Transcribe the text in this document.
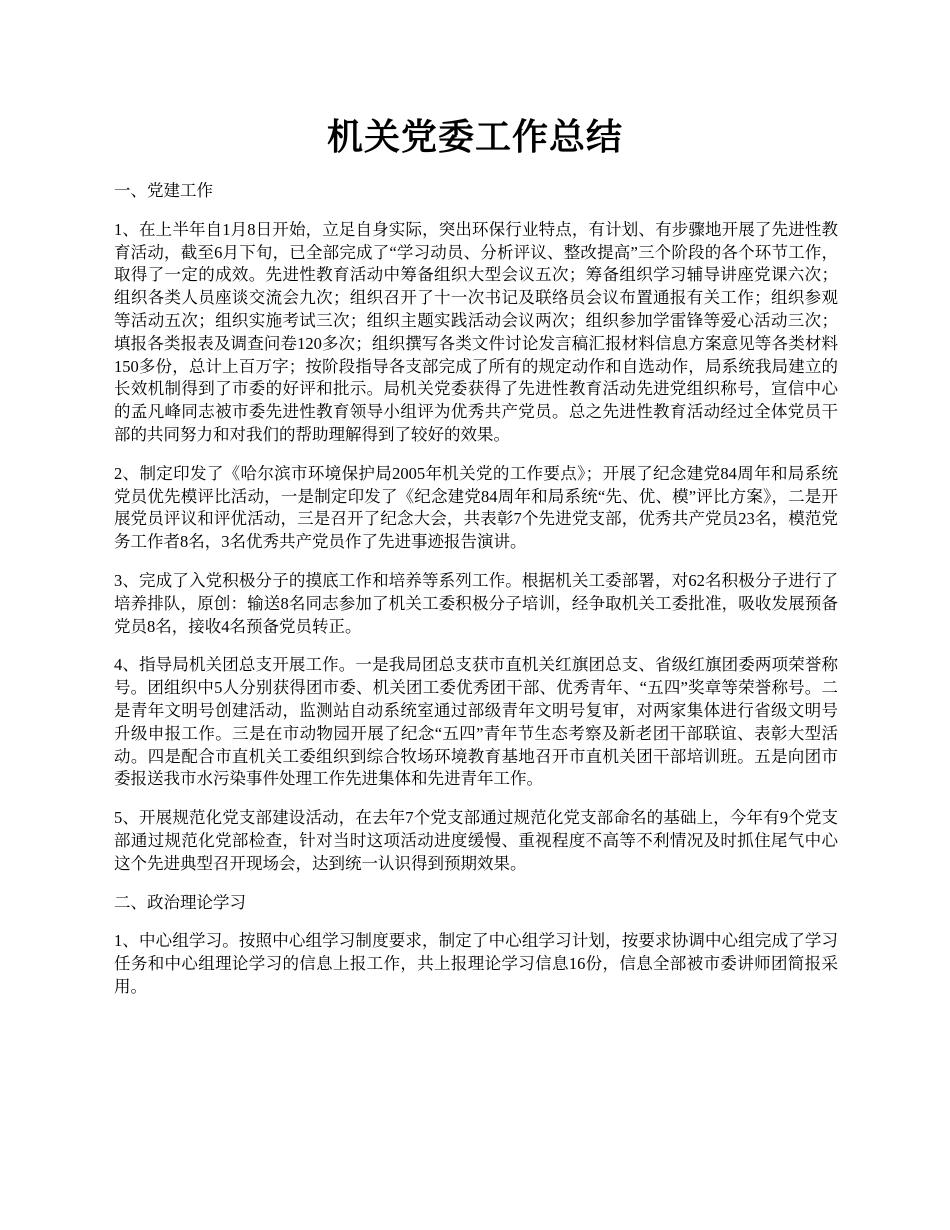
机关党委工作总结

一、党建工作

1、在上半年自1月8日开始，立足自身实际，突出环保行业特点，有计划、有步骤地开展了先进性教育活动，截至6月下旬，已全部完成了“学习动员、分析评议、整改提高”三个阶段的各个环节工作，取得了一定的成效。先进性教育活动中筹备组织大型会议五次；筹备组织学习辅导讲座党课六次；组织各类人员座谈交流会九次；组织召开了十一次书记及联络员会议布置通报有关工作；组织参观等活动五次；组织实施考试三次；组织主题实践活动会议两次；组织参加学雷锋等爱心活动三次；填报各类报表及调查问卷120多次；组织撰写各类文件讨论发言稿汇报材料信息方案意见等各类材料150多份，总计上百万字；按阶段指导各支部完成了所有的规定动作和自选动作，局系统我局建立的长效机制得到了市委的好评和批示。局机关党委获得了先进性教育活动先进党组织称号，宣信中心的孟凡峰同志被市委先进性教育领导小组评为优秀共产党员。总之先进性教育活动经过全体党员干部的共同努力和对我们的帮助理解得到了较好的效果。

2、制定印发了《哈尔滨市环境保护局2005年机关党的工作要点》；开展了纪念建党84周年和局系统党员优先模评比活动，一是制定印发了《纪念建党84周年和局系统“先、优、模”评比方案》，二是开展党员评议和评优活动，三是召开了纪念大会，共表彰7个先进党支部，优秀共产党员23名，模范党务工作者8名，3名优秀共产党员作了先进事迹报告演讲。

3、完成了入党积极分子的摸底工作和培养等系列工作。根据机关工委部署，对62名积极分子进行了培养排队，原创：输送8名同志参加了机关工委积极分子培训，经争取机关工委批准，吸收发展预备党员8名，接收4名预备党员转正。

4、指导局机关团总支开展工作。一是我局团总支获市直机关红旗团总支、省级红旗团委两项荣誉称号。团组织中5人分别获得团市委、机关团工委优秀团干部、优秀青年、“五四”奖章等荣誉称号。二是青年文明号创建活动，监测站自动系统室通过部级青年文明号复审，对两家集体进行省级文明号升级申报工作。三是在市动物园开展了纪念“五四”青年节生态考察及新老团干部联谊、表彰大型活动。四是配合市直机关工委组织到综合牧场环境教育基地召开市直机关团干部培训班。五是向团市委报送我市水污染事件处理工作先进集体和先进青年工作。

5、开展规范化党支部建设活动，在去年7个党支部通过规范化党支部命名的基础上，今年有9个党支部通过规范化党部检查，针对当时这项活动进度缓慢、重视程度不高等不利情况及时抓住尾气中心这个先进典型召开现场会，达到统一认识得到预期效果。

二、政治理论学习

1、中心组学习。按照中心组学习制度要求，制定了中心组学习计划，按要求协调中心组完成了学习任务和中心组理论学习的信息上报工作，共上报理论学习信息16份，信息全部被市委讲师团简报采用。
